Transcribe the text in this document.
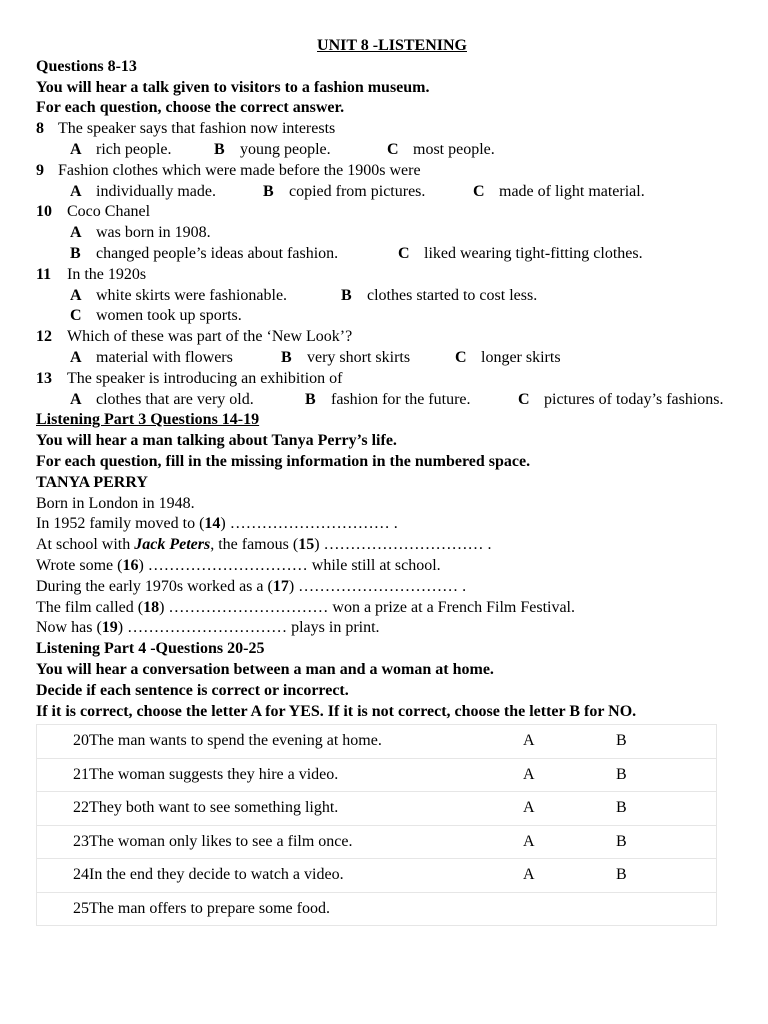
UNIT 8 -LISTENING
Questions 8-13
You will hear a talk given to visitors to a fashion museum.
For each question, choose the correct answer.
8 The speaker says that fashion now interests
A rich people.	B young people.	C most people.
9 Fashion clothes which were made before the 1900s were
A individually made.	B copied from pictures.	C made of light material.
10 Coco Chanel
A was born in 1908.
B changed people’s ideas about fashion.	C liked wearing tight-fitting clothes.
11 In the 1920s
A white skirts were fashionable.	B clothes started to cost less.
C women took up sports.
12 Which of these was part of the ‘New Look’?
A material with flowers	B very short skirts	C longer skirts
13 The speaker is introducing an exhibition of
A clothes that are very old.	B fashion for the future.	C pictures of today’s fashions.
Listening Part 3 Questions 14-19
You will hear a man talking about Tanya Perry’s life.
For each question, fill in the missing information in the numbered space.
TANYA PERRY
Born in London in 1948.
In 1952 family moved to (14) ………………………… .
At school with Jack Peters, the famous (15) ………………………… .
Wrote some (16) ………………………… while still at school.
During the early 1970s worked as a (17) ………………………… .
The film called (18) ………………………… won a prize at a French Film Festival.
Now has (19) ………………………… plays in print.
Listening Part 4 -Questions 20-25
You will hear a conversation between a man and a woman at home.
Decide if each sentence is correct or incorrect.
If it is correct, choose the letter A for YES. If it is not correct, choose the letter B for NO.
20	The man wants to spend the evening at home.	A	B
21	The woman suggests they hire a video.	A	B
22	They both want to see something light.	A	B
23	The woman only likes to see a film once.	A	B
24	In the end they decide to watch a video.	A	B
25	The man offers to prepare some food.		
